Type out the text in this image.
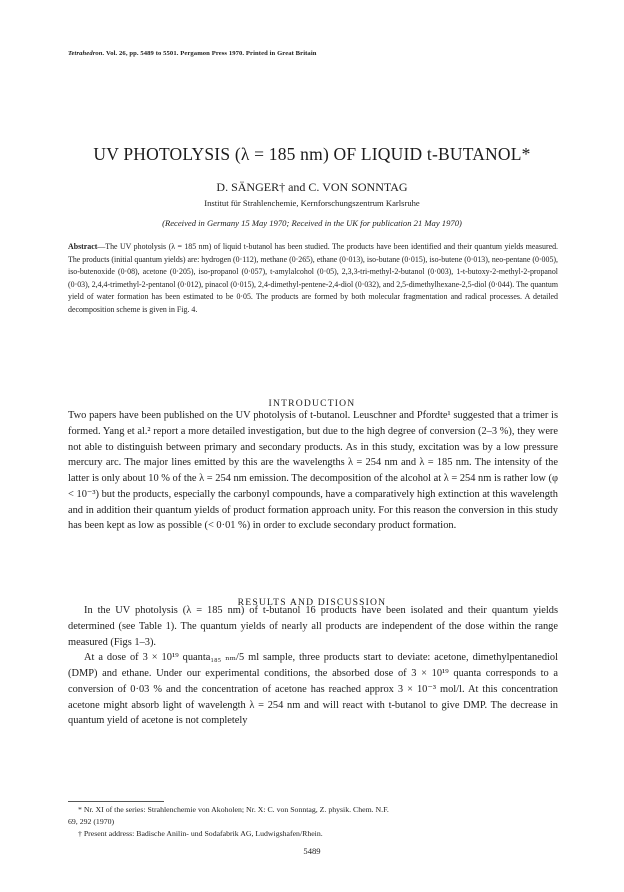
Tetrahedron. Vol. 26, pp. 5489 to 5501. Pergamon Press 1970. Printed in Great Britain
UV PHOTOLYSIS (λ = 185 nm) OF LIQUID t-BUTANOL*
D. SÄNGER† and C. VON SONNTAG
Institut für Strahlenchemie, Kernforschungszentrum Karlsruhe
(Received in Germany 15 May 1970; Received in the UK for publication 21 May 1970)
Abstract—The UV photolysis (λ = 185 nm) of liquid t-butanol has been studied. The products have been identified and their quantum yields measured. The products (initial quantum yields) are: hydrogen (0·112), methane (0·265), ethane (0·013), iso-butane (0·015), iso-butene (0·013), neo-pentane (0·005), iso-butenoxide (0·08), acetone (0·205), iso-propanol (0·057), t-amylalcohol (0·05), 2,3,3-tri-methyl-2-butanol (0·003), 1-t-butoxy-2-methyl-2-propanol (0·03), 2,4,4-trimethyl-2-pentanol (0·012), pinacol (0·015), 2,4-dimethyl-pentene-2,4-diol (0·032), and 2,5-dimethylhexane-2,5-diol (0·044). The quantum yield of water formation has been estimated to be 0·05. The products are formed by both molecular fragmentation and radical processes. A detailed decomposition scheme is given in Fig. 4.
INTRODUCTION

Two papers have been published on the UV photolysis of t-butanol. Leuschner and Pfordte¹ suggested that a trimer is formed. Yang et al.² report a more detailed investigation, but due to the high degree of conversion (2–3 %), they were not able to distinguish between primary and secondary products. As in this study, excitation was by a low pressure mercury arc. The major lines emitted by this are the wavelengths λ = 254 nm and λ = 185 nm. The intensity of the latter is only about 10 % of the λ = 254 nm emission. The decomposition of the alcohol at λ = 254 nm is rather low (φ < 10⁻³) but the products, especially the carbonyl compounds, have a comparatively high extinction at this wavelength and in addition their quantum yields of product formation approach unity. For this reason the conversion in this study has been kept as low as possible (< 0·01 %) in order to exclude secondary product formation.

RESULTS AND DISCUSSION

In the UV photolysis (λ = 185 nm) of t-butanol 16 products have been isolated and their quantum yields determined (see Table 1). The quantum yields of nearly all products are independent of the dose within the range measured (Figs 1–3).

At a dose of 3 × 10¹⁹ quanta₁₈₅ ₙₘ/5 ml sample, three products start to deviate: acetone, dimethylpentanediol (DMP) and ethane. Under our experimental conditions, the absorbed dose of 3 × 10¹⁹ quanta corresponds to a conversion of 0·03 % and the concentration of acetone has reached approx 3 × 10⁻³ mol/l. At this concentration acetone might absorb light of wavelength λ = 254 nm and will react with t-butanol to give DMP. The decrease in quantum yield of acetone is not completely

* Nr. XI of the series: Strahlenchemie von Akoholen; Nr. X: C. von Sonntag, Z. physik. Chem. N.F.

69, 292 (1970)

† Present address: Badische Anilin- und Sodafabrik AG, Ludwigshafen/Rhein.

5489
